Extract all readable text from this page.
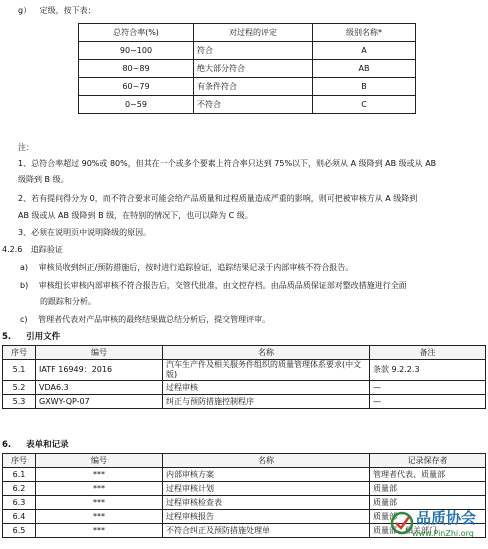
g） 定级，按下表：
总符合率(%)	对过程的评定	级别名称*
90~100	符合	A
80~89	绝大部分符合	AB
60~79	有条件符合	B
0~59	不符合	C
注：
1、总符合率超过 90%或 80%，但其在一个或多个要素上符合率只达到 75%以下，则必须从 A 级降到 AB 级或从 AB
级降到 B 级。
2、若有提问得分为 0，而不符合要求可能会给产品质量和过程质量造成严重的影响，则可把被审核方从 A 级降到
AB 级或从 AB 级降到 B 级，在特别的情况下，也可以降为 C 级。
3、必须在说明页中说明降级的原因。
4.2.6 追踪验证
a) 审核员收到纠正/预防措施后，按时进行追踪验证，追踪结果记录于内部审核不符合报告。
b) 审核组长审核内部审核不符合报告后，交管代批准，由文控存档。由品质品质保证部对整改措施进行全面
的跟踪和分析。
c) 管理者代表对产品审核的最终结果做总结分析后，提交管理评审。
5. 引用文件
序号	编号	名称	备注
5.1	IATF 16949：2016	汽车生产件及相关服务件组织的质量管理体系要求(中文版)	条款 9.2.2.3
5.2	VDA6.3	过程审核	—
5.3	GXWY-QP-07	纠正与预防措施控制程序	—
6. 表单和记录
序号	编号	名称	记录保存者
6.1	***	内部审核方案	管理者代表、质量部
6.2	***	过程审核计划	质量部
6.3	***	过程审核检查表	质量部
6.4	***	过程审核报告	质量部
6.5	***	不符合纠正及预防措施处理单	质量部、相关部门
品质协会
www.PinZhi.org
